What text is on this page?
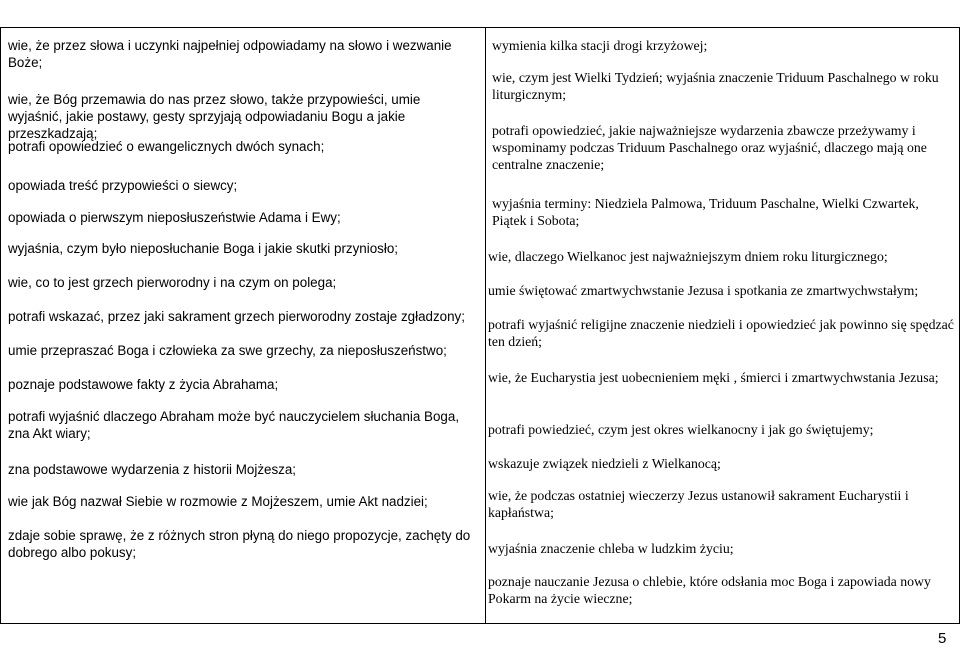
wie, że przez słowa i uczynki najpełniej odpowiadamy na słowo i wezwanie Boże;

wie, że Bóg przemawia do nas przez słowo, także przypowieści, umie wyjaśnić, jakie postawy, gesty sprzyjają odpowiadaniu Bogu a jakie przeszkadzają;

potrafi opowiedzieć o ewangelicznych dwóch synach;

opowiada treść przypowieści o siewcy;

opowiada o pierwszym nieposłuszeństwie Adama i Ewy;

wyjaśnia, czym było nieposłuchanie Boga i jakie skutki przyniosło;

wie, co to jest grzech pierworodny i na czym on polega;

potrafi wskazać, przez jaki sakrament grzech pierworodny zostaje zgładzony;

umie przepraszać Boga i człowieka za swe grzechy, za nieposłuszeństwo;

poznaje podstawowe fakty z życia Abrahama;

potrafi wyjaśnić dlaczego Abraham może być nauczycielem słuchania Boga, zna Akt wiary;

zna podstawowe wydarzenia z historii Mojżesza;

wie jak Bóg nazwał Siebie w rozmowie z Mojżeszem, umie Akt nadziei;

zdaje sobie sprawę, że z różnych stron płyną do niego propozycje, zachęty do dobrego albo pokusy;

wymienia kilka stacji drogi krzyżowej;

wie, czym jest Wielki Tydzień; wyjaśnia znaczenie Triduum Paschalnego w roku liturgicznym;

potrafi opowiedzieć, jakie najważniejsze wydarzenia zbawcze przeżywamy i wspominamy podczas Triduum Paschalnego oraz wyjaśnić, dlaczego mają one centralne znaczenie;

wyjaśnia terminy: Niedziela Palmowa, Triduum Paschalne, Wielki Czwartek, Piątek i Sobota;

wie, dlaczego Wielkanoc jest najważniejszym dniem roku liturgicznego;

umie świętować zmartwychwstanie Jezusa i spotkania ze zmartwychwstałym;

potrafi wyjaśnić religijne znaczenie niedzieli i opowiedzieć jak powinno się spędzać ten dzień;

wie, że Eucharystia jest uobecnieniem męki , śmierci i zmartwychwstania Jezusa;

potrafi powiedzieć, czym jest okres wielkanocny i jak go świętujemy;

wskazuje związek niedzieli z Wielkanocą;

wie, że podczas ostatniej wieczerzy Jezus ustanowił sakrament Eucharystii i kapłaństwa;

wyjaśnia znaczenie chleba w ludzkim życiu;

poznaje nauczanie Jezusa o chlebie, które odsłania moc Boga i zapowiada nowy Pokarm na życie wieczne;

5
